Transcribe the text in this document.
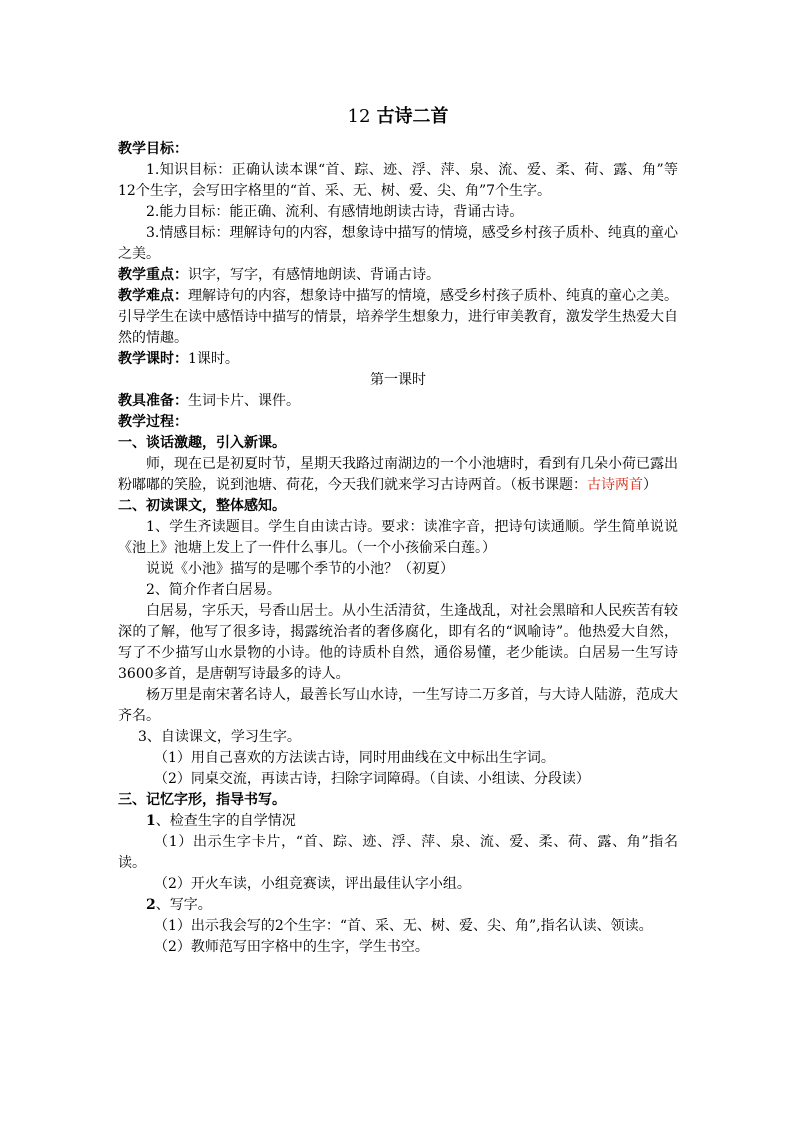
12 古诗二首

教学目标：

1.知识目标：正确认读本课“首、踪、迹、浮、萍、泉、流、爱、柔、荷、露、角”等12个生字，会写田字格里的“首、采、无、树、爱、尖、角”7个生字。

2.能力目标：能正确、流利、有感情地朗读古诗，背诵古诗。

3.情感目标：理解诗句的内容，想象诗中描写的情境，感受乡村孩子质朴、纯真的童心之美。

教学重点：识字，写字，有感情地朗读、背诵古诗。

教学难点：理解诗句的内容，想象诗中描写的情境，感受乡村孩子质朴、纯真的童心之美。引导学生在读中感悟诗中描写的情景，培养学生想象力，进行审美教育，激发学生热爱大自然的情趣。

教学课时：1课时。

第一课时

教具准备：生词卡片、课件。

教学过程：

一、谈话激趣，引入新课。

师，现在已是初夏时节，星期天我路过南湖边的一个小池塘时，看到有几朵小荷已露出粉嘟嘟的笑脸，说到池塘、荷花，今天我们就来学习古诗两首。（板书课题：古诗两首）

二、初读课文，整体感知。

1、学生齐读题目。学生自由读古诗。要求：读准字音，把诗句读通顺。学生简单说说《池上》池塘上发上了一件什么事儿。（一个小孩偷采白莲。）

说说《小池》描写的是哪个季节的小池？（初夏）

2、简介作者白居易。

白居易，字乐天，号香山居士。从小生活清贫，生逢战乱，对社会黑暗和人民疾苦有较深的了解，他写了很多诗，揭露统治者的奢侈腐化，即有名的“讽喻诗”。他热爱大自然，写了不少描写山水景物的小诗。他的诗质朴自然，通俗易懂，老少能读。白居易一生写诗3600多首，是唐朝写诗最多的诗人。

杨万里是南宋著名诗人，最善长写山水诗，一生写诗二万多首，与大诗人陆游，范成大齐名。

3、自读课文，学习生字。

（1）用自己喜欢的方法读古诗，同时用曲线在文中标出生字词。

（2）同桌交流，再读古诗，扫除字词障碍。（自读、小组读、分段读）

三、记忆字形，指导书写。

1、检查生字的自学情况

（1）出示生字卡片，“首、踪、迹、浮、萍、泉、流、爱、柔、荷、露、角”指名读。

（2）开火车读，小组竞赛读，评出最佳认字小组。

2、写字。

（1）出示我会写的2个生字：“首、采、无、树、爱、尖、角”,指名认读、领读。

（2）教师范写田字格中的生字，学生书空。
